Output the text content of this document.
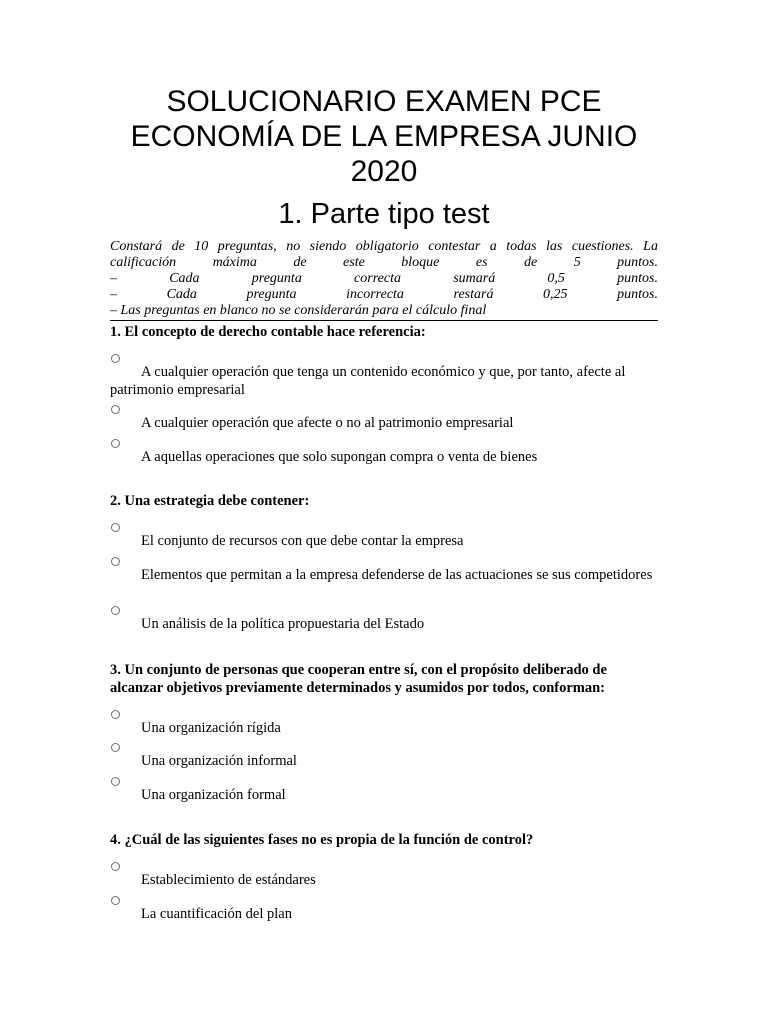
SOLUCIONARIO EXAMEN PCE
ECONOMÍA DE LA EMPRESA JUNIO
2020
1. Parte tipo test
Constará de 10 preguntas, no siendo obligatorio contestar a todas las cuestiones. La
calificación	máxima	de	este	bloque	es	de	5	puntos.
–	Cada	pregunta	correcta	sumará	0,5	puntos.
–	Cada	pregunta	incorrecta	restará	0,25	puntos.
– Las preguntas en blanco no se considerarán para el cálculo final

1. El concepto de derecho contable hace referencia:

A cualquier operación que tenga un contenido económico y que, por tanto, afecte al patrimonio empresarial

A cualquier operación que afecte o no al patrimonio empresarial

A aquellas operaciones que solo supongan compra o venta de bienes

2. Una estrategia debe contener:

El conjunto de recursos con que debe contar la empresa

Elementos que permitan a la empresa defenderse de las actuaciones se sus competidores

Un análisis de la política propuestaria del Estado

3. Un conjunto de personas que cooperan entre sí, con el propósito deliberado de alcanzar objetivos previamente determinados y asumidos por todos, conforman:

Una organización rígida

Una organización informal

Una organización formal

4. ¿Cuál de las siguientes fases no es propia de la función de control?

Establecimiento de estándares

La cuantificación del plan
